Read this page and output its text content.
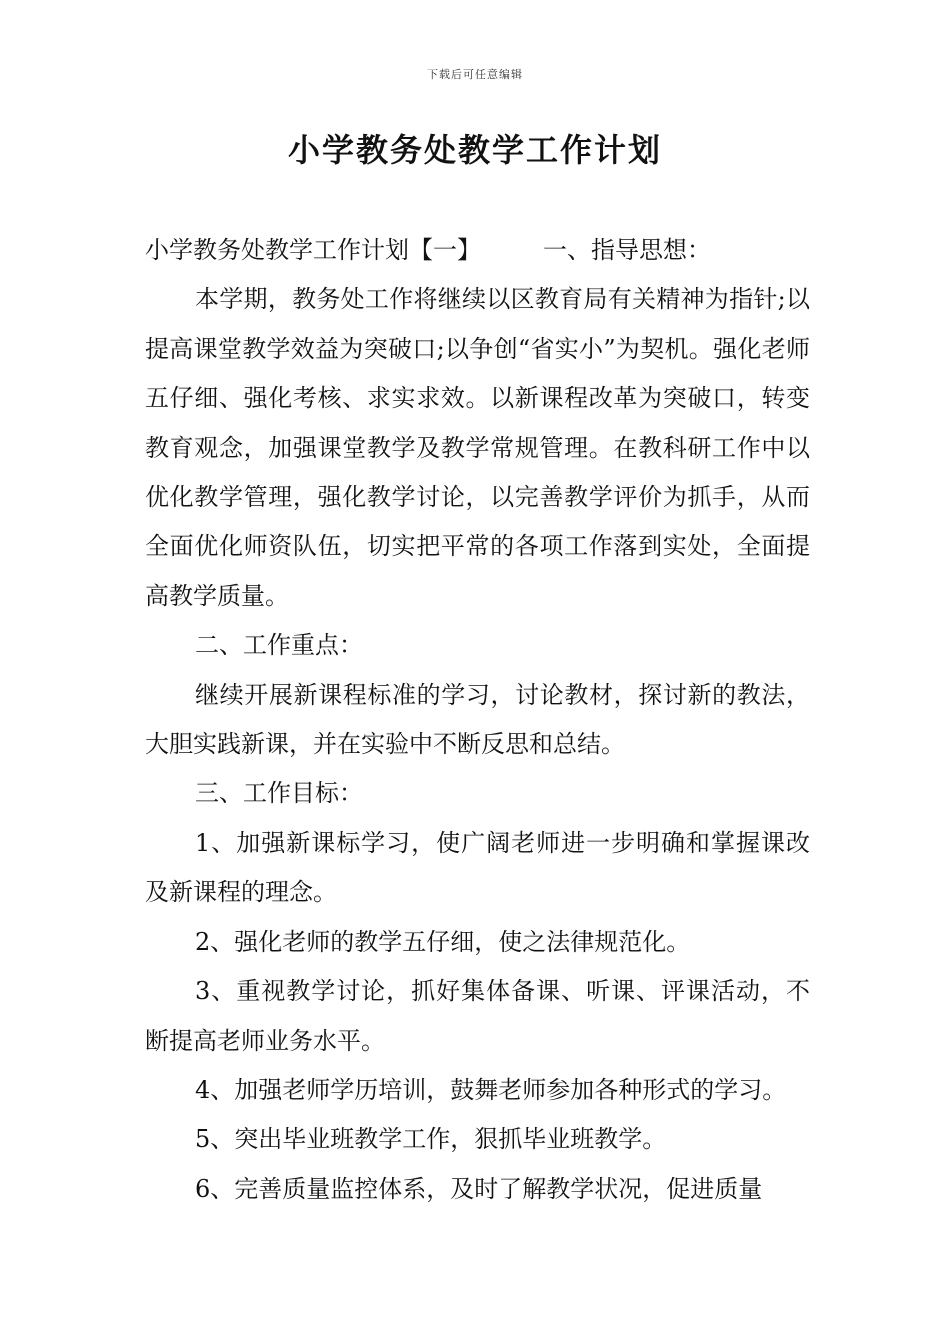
下载后可任意编辑
小学教务处教学工作计划

小学教务处教学工作计划【一】	一、指导思想：

本学期，教务处工作将继续以区教育局有关精神为指针;以提高课堂教学效益为突破口;以争创“省实小”为契机。强化老师五仔细、强化考核、求实求效。以新课程改革为突破口，转变教育观念，加强课堂教学及教学常规管理。在教科研工作中以优化教学管理，强化教学讨论，以完善教学评价为抓手，从而全面优化师资队伍，切实把平常的各项工作落到实处，全面提高教学质量。

二、工作重点：

继续开展新课程标准的学习，讨论教材，探讨新的教法，大胆实践新课，并在实验中不断反思和总结。

三、工作目标：

1、加强新课标学习，使广阔老师进一步明确和掌握课改及新课程的理念。

2、强化老师的教学五仔细，使之法律规范化。

3、重视教学讨论，抓好集体备课、听课、评课活动，不断提高老师业务水平。

4、加强老师学历培训，鼓舞老师参加各种形式的学习。

5、突出毕业班教学工作，狠抓毕业班教学。

6、完善质量监控体系，及时了解教学状况，促进质量
